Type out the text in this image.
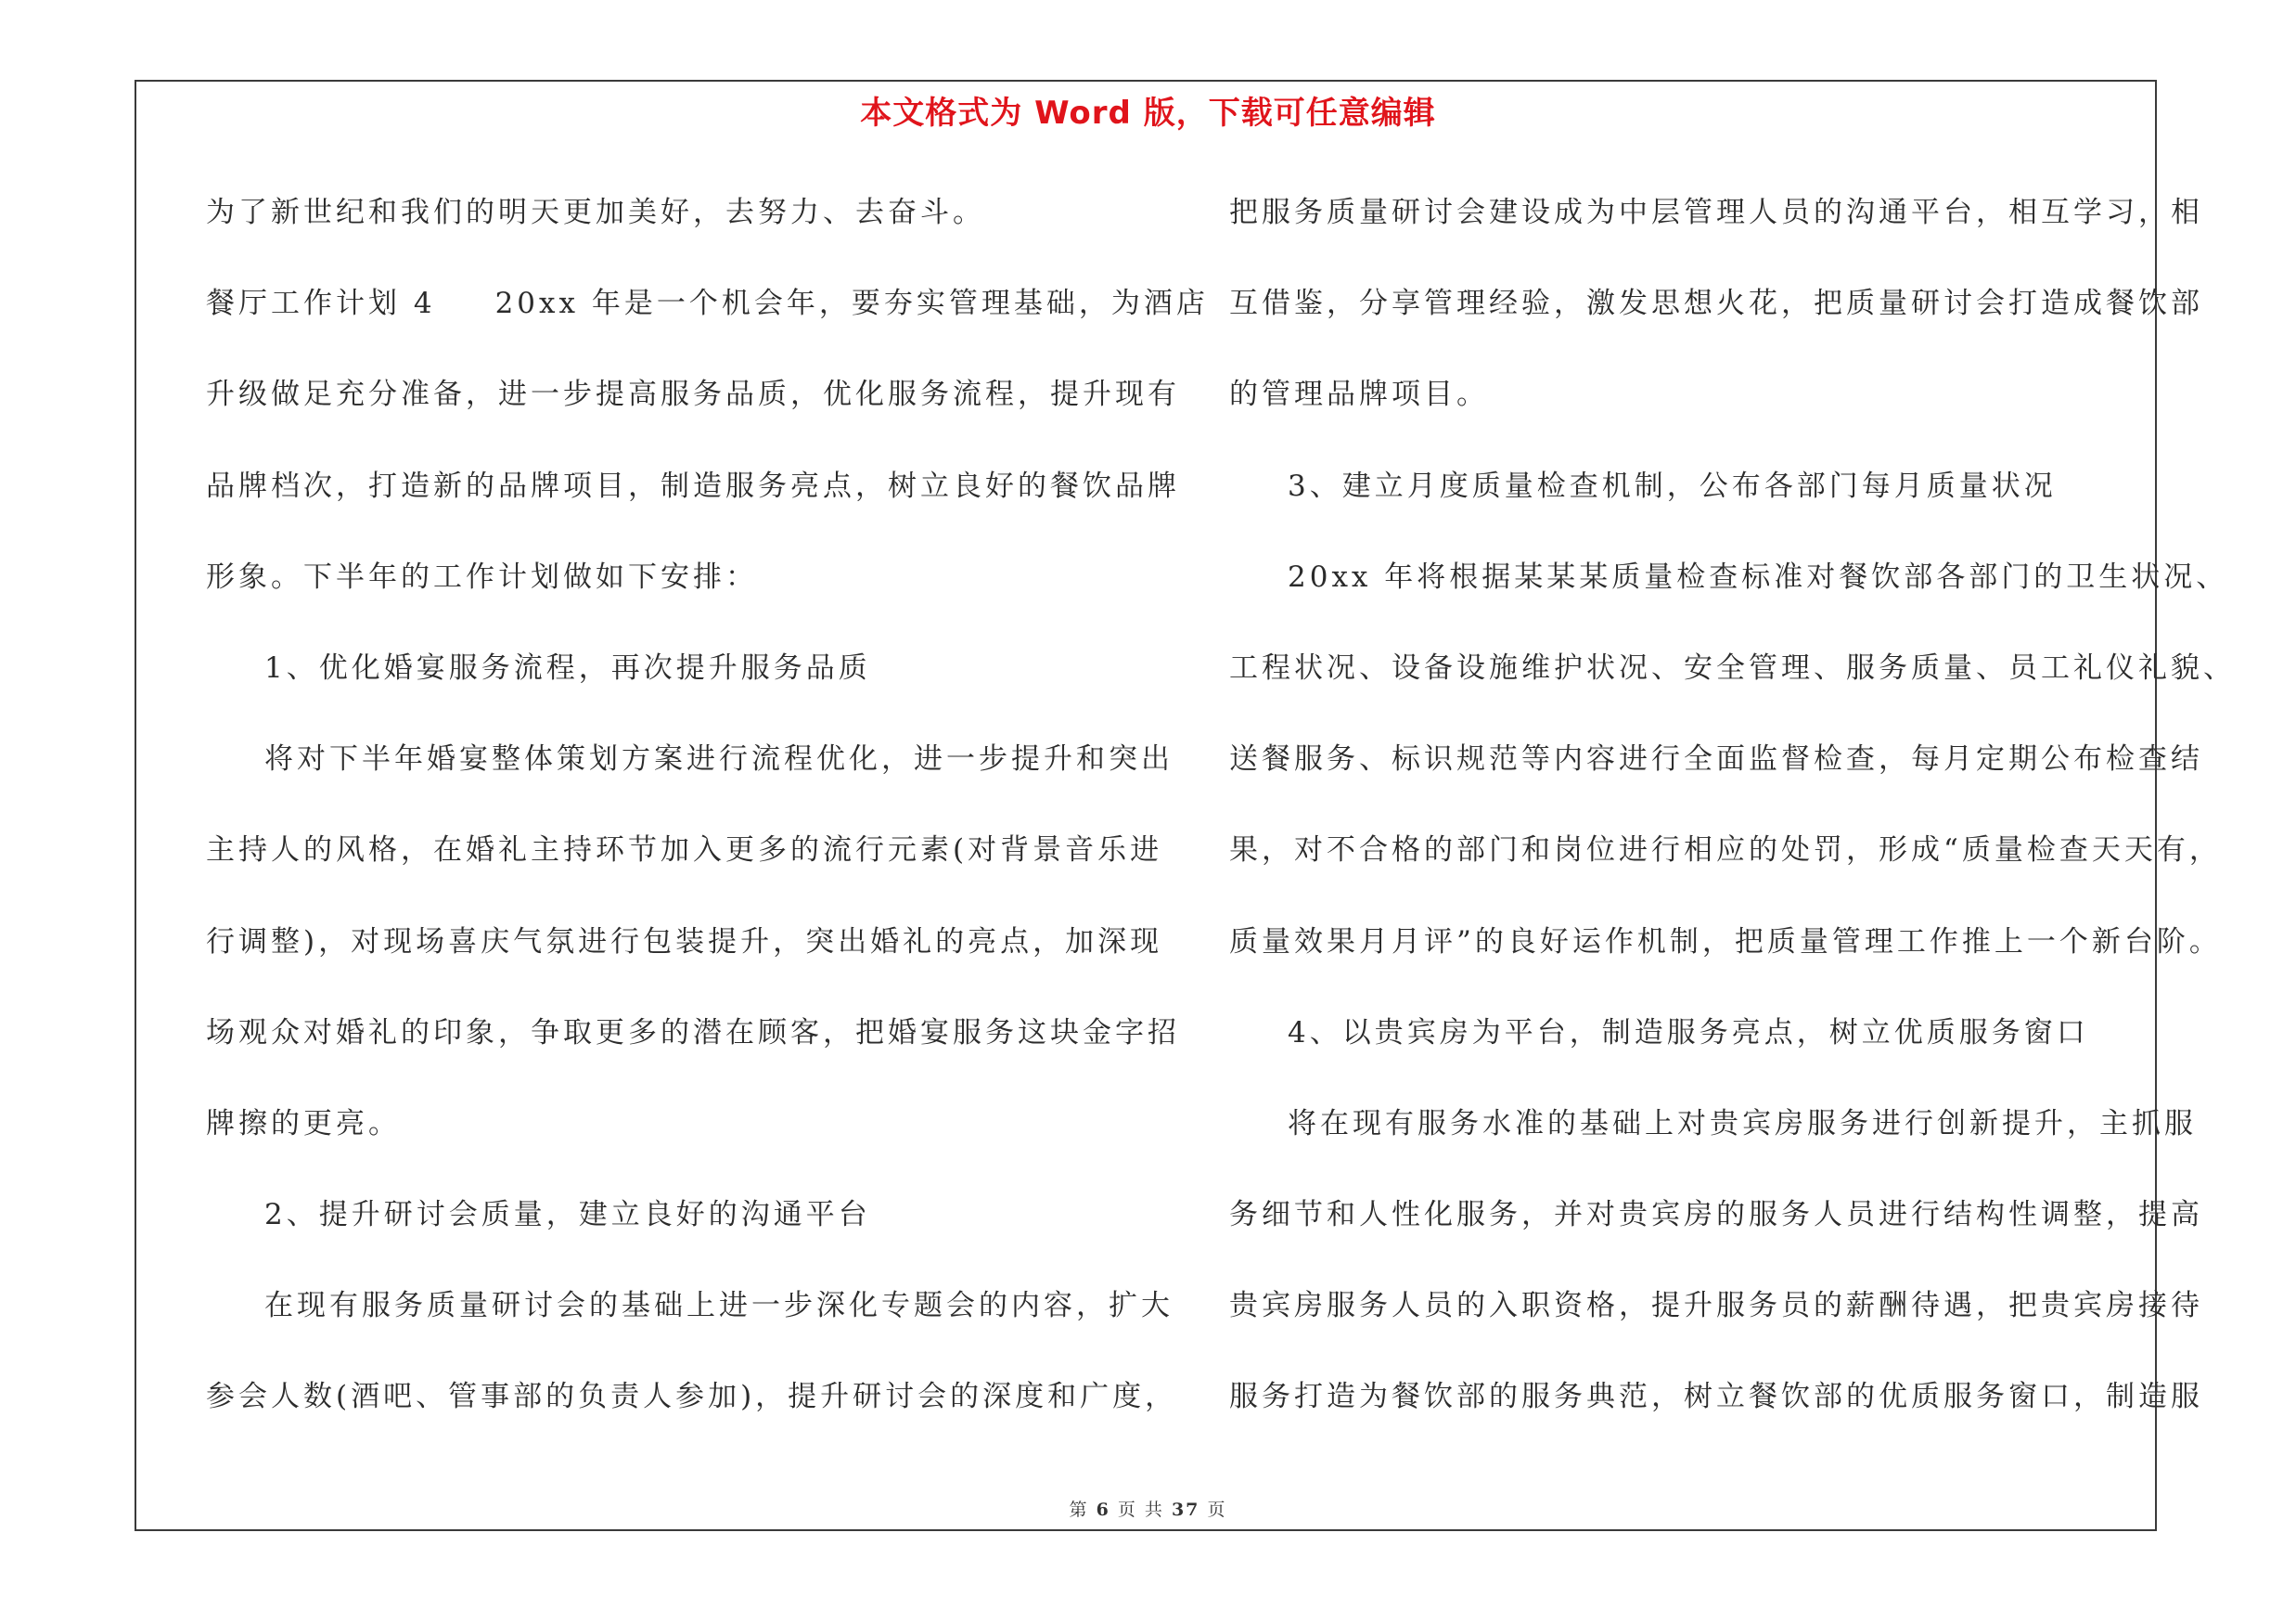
本文格式为 Word 版，下载可任意编辑
为了新世纪和我们的明天更加美好，去努力、去奋斗。
餐厅工作计划 4 20xx 年是一个机会年，要夯实管理基础，为酒店
升级做足充分准备，进一步提高服务品质，优化服务流程，提升现有
品牌档次，打造新的品牌项目，制造服务亮点，树立良好的餐饮品牌
形象。下半年的工作计划做如下安排：
1、优化婚宴服务流程，再次提升服务品质
将对下半年婚宴整体策划方案进行流程优化，进一步提升和突出
主持人的风格，在婚礼主持环节加入更多的流行元素(对背景音乐进
行调整)，对现场喜庆气氛进行包装提升，突出婚礼的亮点，加深现
场观众对婚礼的印象，争取更多的潜在顾客，把婚宴服务这块金字招
牌擦的更亮。
2、提升研讨会质量，建立良好的沟通平台
在现有服务质量研讨会的基础上进一步深化专题会的内容，扩大
参会人数(酒吧、管事部的负责人参加)，提升研讨会的深度和广度，
把服务质量研讨会建设成为中层管理人员的沟通平台，相互学习，相
互借鉴，分享管理经验，激发思想火花，把质量研讨会打造成餐饮部
的管理品牌项目。
3、建立月度质量检查机制，公布各部门每月质量状况
20xx 年将根据某某某质量检查标准对餐饮部各部门的卫生状况、
工程状况、设备设施维护状况、安全管理、服务质量、员工礼仪礼貌、
送餐服务、标识规范等内容进行全面监督检查，每月定期公布检查结
果，对不合格的部门和岗位进行相应的处罚，形成“质量检查天天有，
质量效果月月评”的良好运作机制，把质量管理工作推上一个新台阶。
4、以贵宾房为平台，制造服务亮点，树立优质服务窗口
将在现有服务水准的基础上对贵宾房服务进行创新提升，主抓服
务细节和人性化服务，并对贵宾房的服务人员进行结构性调整，提高
贵宾房服务人员的入职资格，提升服务员的薪酬待遇，把贵宾房接待
服务打造为餐饮部的服务典范，树立餐饮部的优质服务窗口，制造服
第 6 页 共 37 页
